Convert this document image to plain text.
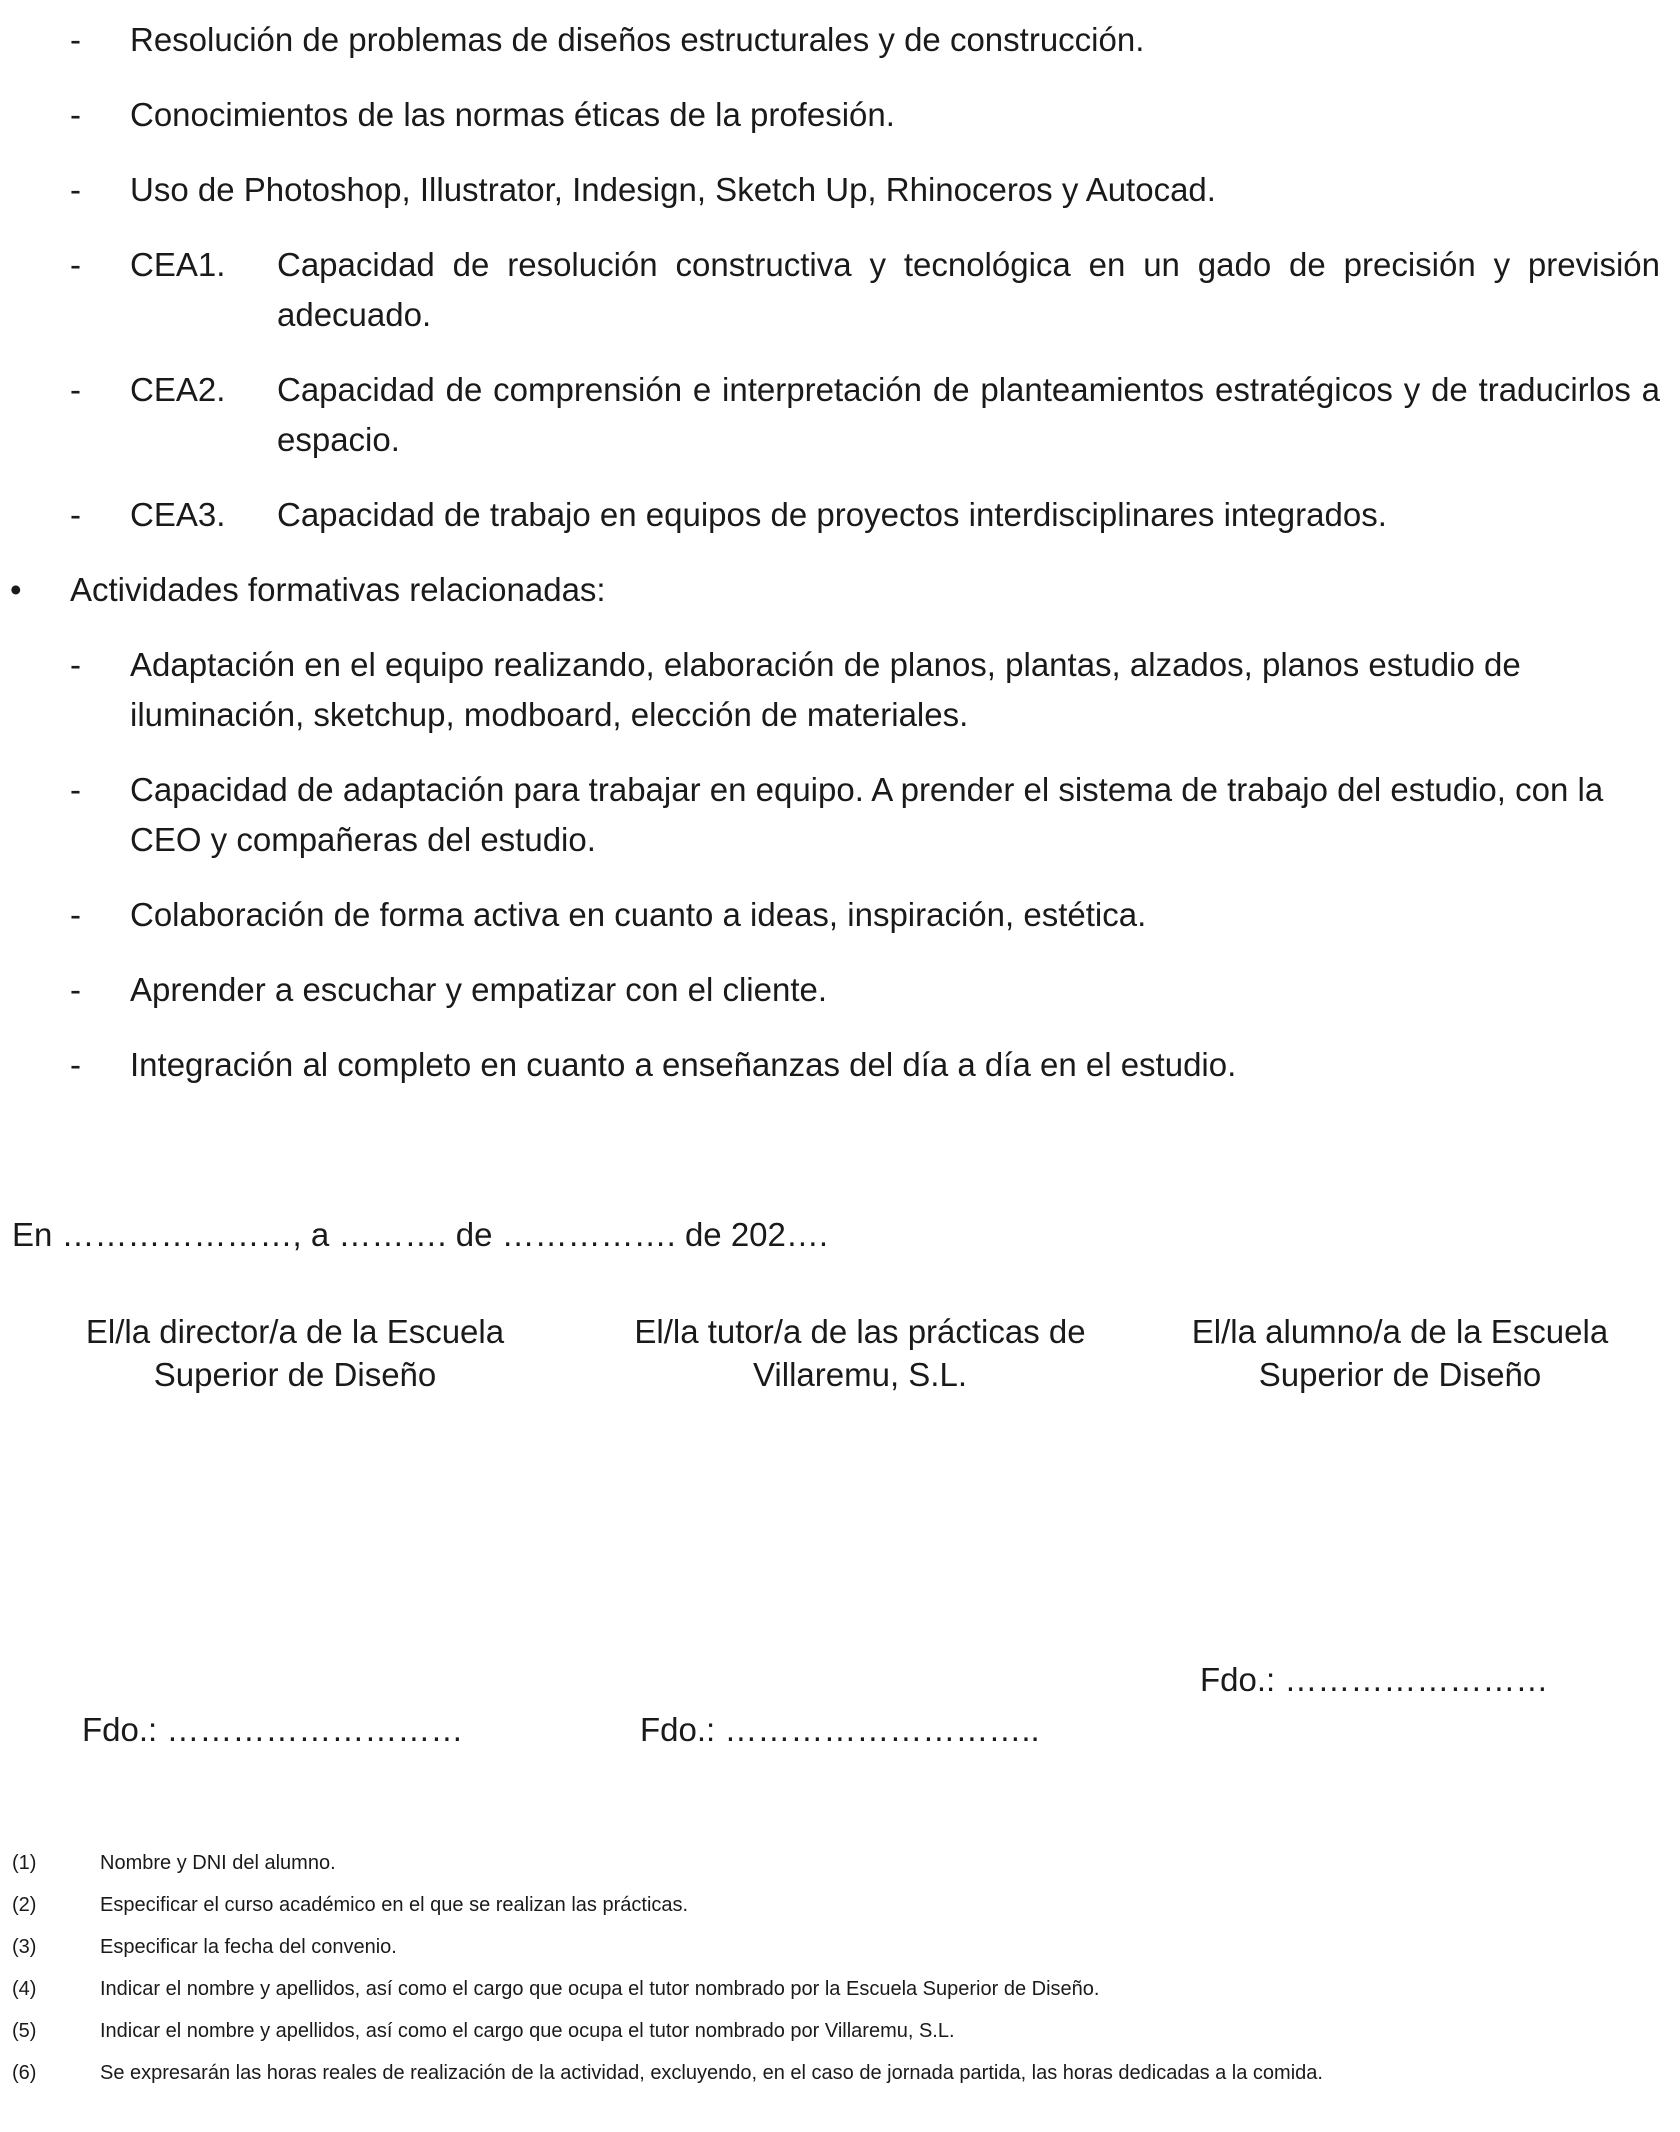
-	Resolución de problemas de diseños estructurales y de construcción.
-	Conocimientos de las normas éticas de la profesión.
-	Uso de Photoshop, Illustrator, Indesign, Sketch Up, Rhinoceros y Autocad.
-	CEA1.	Capacidad de resolución constructiva y tecnológica en un gado de precisión y previsión adecuado.
-	CEA2.	Capacidad de comprensión e interpretación de planteamientos estratégicos y de traducirlos a espacio.
-	CEA3.	Capacidad de trabajo en equipos de proyectos interdisciplinares integrados.
•	Actividades formativas relacionadas:
-	Adaptación en el equipo realizando, elaboración de planos, plantas, alzados, planos estudio de iluminación, sketchup, modboard, elección de materiales.
-	Capacidad de adaptación para trabajar en equipo. A prender el sistema de trabajo del estudio, con la CEO y compañeras del estudio.
-	Colaboración de forma activa en cuanto a ideas, inspiración, estética.
-	Aprender a escuchar y empatizar con el cliente.
-	Integración al completo en cuanto a enseñanzas del día a día en el estudio.
En …………………, a ………. de ……………. de 202….
El/la director/a de la Escuela
Superior de Diseño
El/la tutor/a de las prácticas de
Villaremu, S.L.
El/la alumno/a de la Escuela
Superior de Diseño
Fdo.: ………………………	Fdo.: ………………………..
Fdo.: ……………………
(1)	Nombre y DNI del alumno.
(2)	Especificar el curso académico en el que se realizan las prácticas.
(3)	Especificar la fecha del convenio.
(4)	Indicar el nombre y apellidos, así como el cargo que ocupa el tutor nombrado por la Escuela Superior de Diseño.
(5)	Indicar el nombre y apellidos, así como el cargo que ocupa el tutor nombrado por Villaremu, S.L.
(6)	Se expresarán las horas reales de realización de la actividad, excluyendo, en el caso de jornada partida, las horas dedicadas a la comida.
